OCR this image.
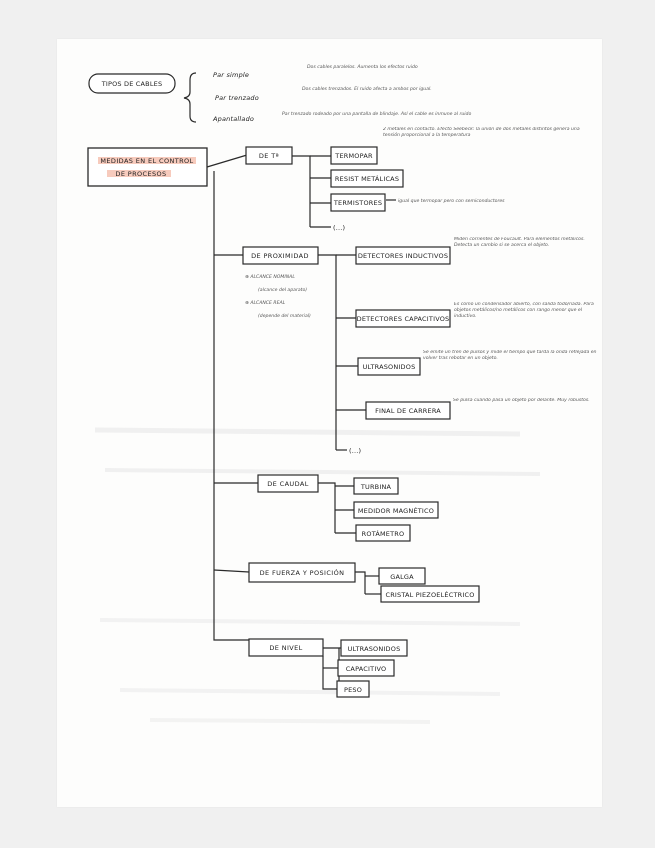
TIPOS DE CABLES
Par simple
Par trenzado
Apantallado
Dos cables paralelos. Aumenta los efectos ruido
Dos cables trenzados. El ruido afecta a ambos por igual.
Par trenzado rodeado por una pantalla de blindaje. Así el cable es inmune al ruido
MEDIDAS EN EL CONTROL
DE PROCESOS
DE Tª	TERMOPAR
RESIST METÁLICAS
TERMISTORES
(...)
2 metales en contacto. Efecto Seebeck: la unión de dos metales distintos genera una tensión proporcional a la temperatura
igual que termopar pero con semiconductores
DE PROXIMIDAD
⊕ ALCANCE NOMINAL
(alcance del aparato)
⊕ ALCANCE REAL
(depende del material)
DETECTORES INDUCTIVOS
DETECTORES CAPACITIVOS
ULTRASONIDOS
FINAL DE CARRERA
(...)
Miden corrientes de Foucault. Para elementos metálicos. Detecta un cambio si se acerca el objeto.
Es como un condensador abierto, con salida todo/nada. Para objetos metálicos/no metálicos con rango menor que el inductivo.
Se emite un tren de pulsos y mide el tiempo que tarda la onda reflejada en volver tras rebotar en un objeto.
Se pulsa cuando pasa un objeto por delante. Muy robustos.
DE CAUDAL	TURBINA
MEDIDOR MAGNÉTICO
ROTÁMETRO
DE FUERZA Y POSICIÓN	GALGA
CRISTAL PIEZOELÉCTRICO
DE NIVEL	ULTRASONIDOS
CAPACITIVO
PESO
